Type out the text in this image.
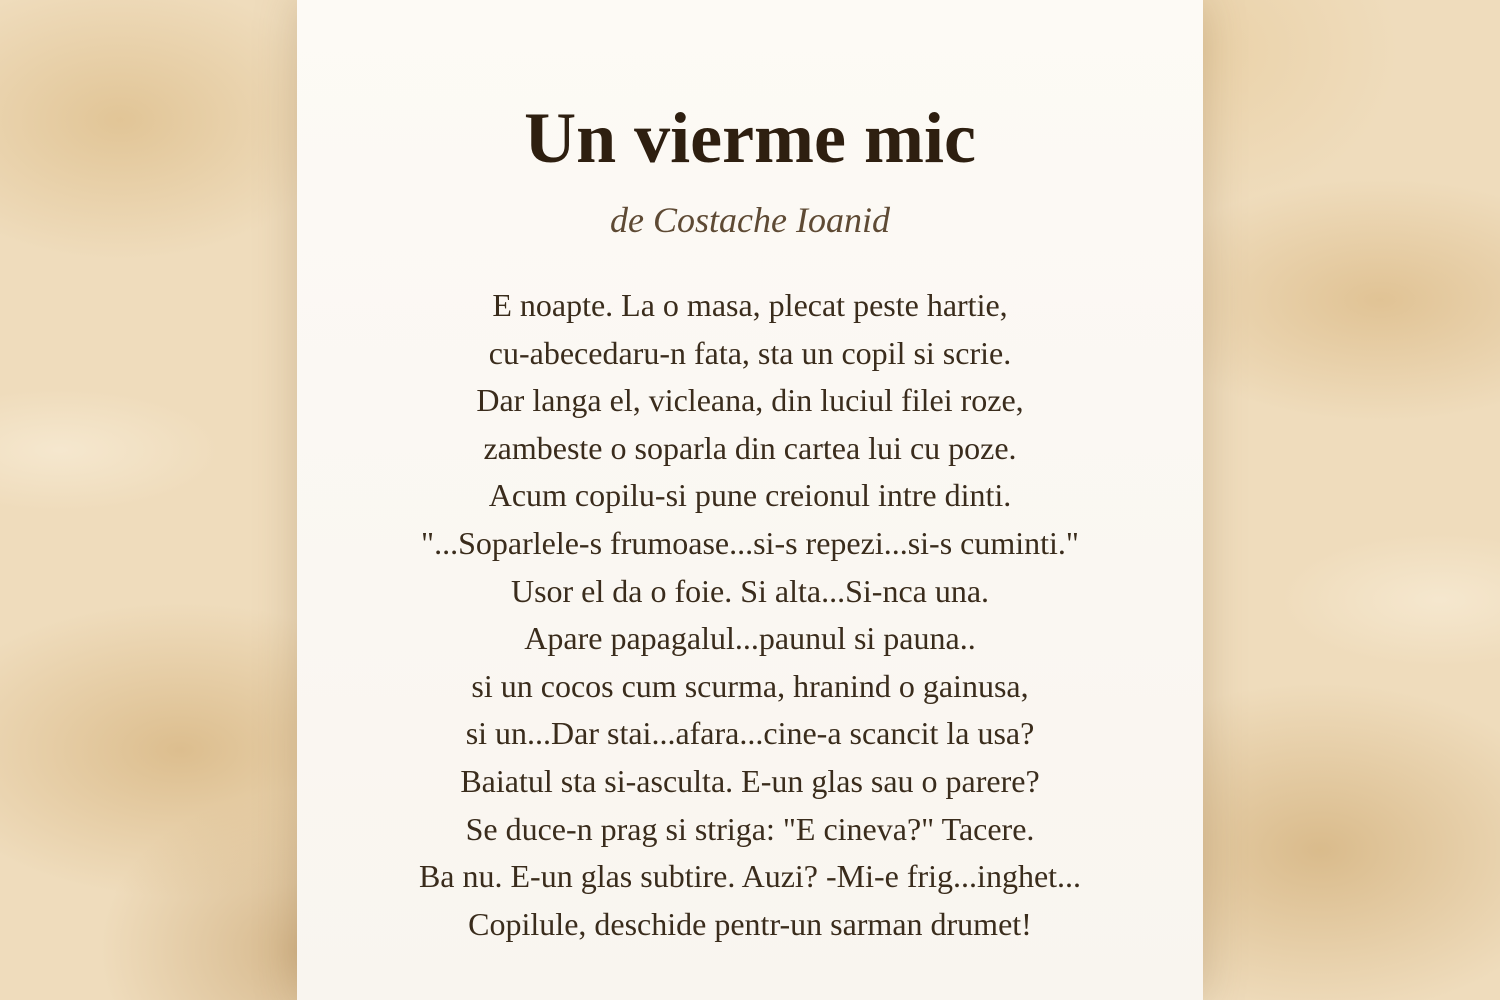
Un vierme mic

de Costache Ioanid

E noapte. La o masa, plecat peste hartie,
cu-abecedaru-n fata, sta un copil si scrie.
Dar langa el, vicleana, din luciul filei roze,
zambeste o soparla din cartea lui cu poze.
Acum copilu-si pune creionul intre dinti.
"...Soparlele-s frumoase...si-s repezi...si-s cuminti."
Usor el da o foie. Si alta...Si-nca una.
Apare papagalul...paunul si pauna..
si un cocos cum scurma, hranind o gainusa,
si un...Dar stai...afara...cine-a scancit la usa?
Baiatul sta si-asculta. E-un glas sau o parere?
Se duce-n prag si striga: "E cineva?" Tacere.
Ba nu. E-un glas subtire. Auzi? -Mi-e frig...inghet...
Copilule, deschide pentr-un sarman drumet!
